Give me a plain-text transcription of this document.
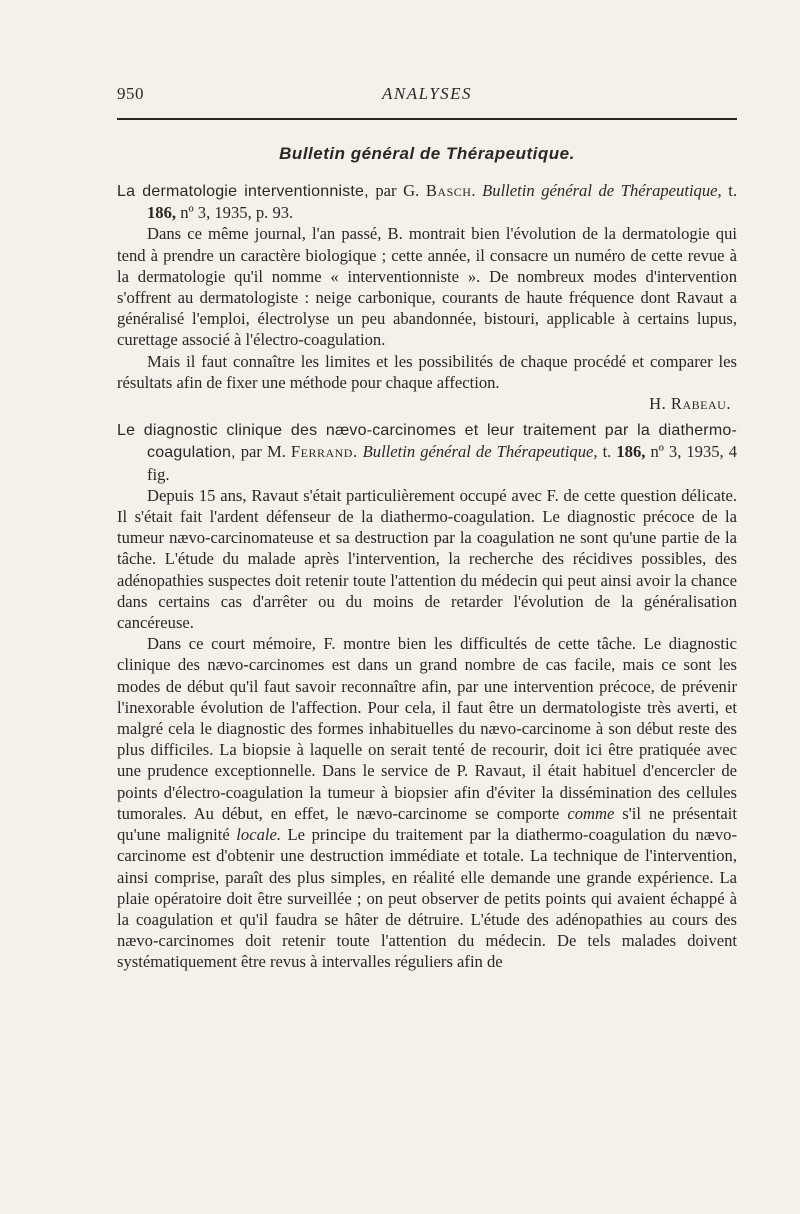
950	ANALYSES
Bulletin général de Thérapeutique.

La dermatologie interventionniste, par G. Basch. Bulletin général de Thérapeutique, t. 186, nº 3, 1935, p. 93.

Dans ce même journal, l'an passé, B. montrait bien l'évolution de la dermatologie qui tend à prendre un caractère biologique ; cette année, il consacre un numéro de cette revue à la dermatologie qu'il nomme « interventionniste ». De nombreux modes d'intervention s'offrent au dermatologiste : neige carbonique, courants de haute fréquence dont Ravaut a généralisé l'emploi, électrolyse un peu abandonnée, bistouri, applicable à certains lupus, curettage associé à l'électro-coagulation.

Mais il faut connaître les limites et les possibilités de chaque procédé et comparer les résultats afin de fixer une méthode pour chaque affection.

H. Rabeau.

Le diagnostic clinique des nævo-carcinomes et leur traitement par la diathermo-coagulation, par M. Ferrand. Bulletin général de Thérapeutique, t. 186, nº 3, 1935, 4 fig.

Depuis 15 ans, Ravaut s'était particulièrement occupé avec F. de cette question délicate. Il s'était fait l'ardent défenseur de la diathermo-coagulation. Le diagnostic précoce de la tumeur nævo-carcinomateuse et sa destruction par la coagulation ne sont qu'une partie de la tâche. L'étude du malade après l'intervention, la recherche des récidives possibles, des adénopathies suspectes doit retenir toute l'attention du médecin qui peut ainsi avoir la chance dans certains cas d'arrêter ou du moins de retarder l'évolution de la généralisation cancéreuse.

Dans ce court mémoire, F. montre bien les difficultés de cette tâche. Le diagnostic clinique des nævo-carcinomes est dans un grand nombre de cas facile, mais ce sont les modes de début qu'il faut savoir reconnaître afin, par une intervention précoce, de prévenir l'inexorable évolution de l'affection. Pour cela, il faut être un dermatologiste très averti, et malgré cela le diagnostic des formes inhabituelles du nævo-carcinome à son début reste des plus difficiles. La biopsie à laquelle on serait tenté de recourir, doit ici être pratiquée avec une prudence exceptionnelle. Dans le service de P. Ravaut, il était habituel d'encercler de points d'électro-coagulation la tumeur à biopsier afin d'éviter la dissémination des cellules tumorales. Au début, en effet, le nævo-carcinome se comporte comme s'il ne présentait qu'une malignité locale. Le principe du traitement par la diathermo-coagulation du nævo-carcinome est d'obtenir une destruction immédiate et totale. La technique de l'intervention, ainsi comprise, paraît des plus simples, en réalité elle demande une grande expérience. La plaie opératoire doit être surveillée ; on peut observer de petits points qui avaient échappé à la coagulation et qu'il faudra se hâter de détruire. L'étude des adénopathies au cours des nævo-carcinomes doit retenir toute l'attention du médecin. De tels malades doivent systématiquement être revus à intervalles réguliers afin de
